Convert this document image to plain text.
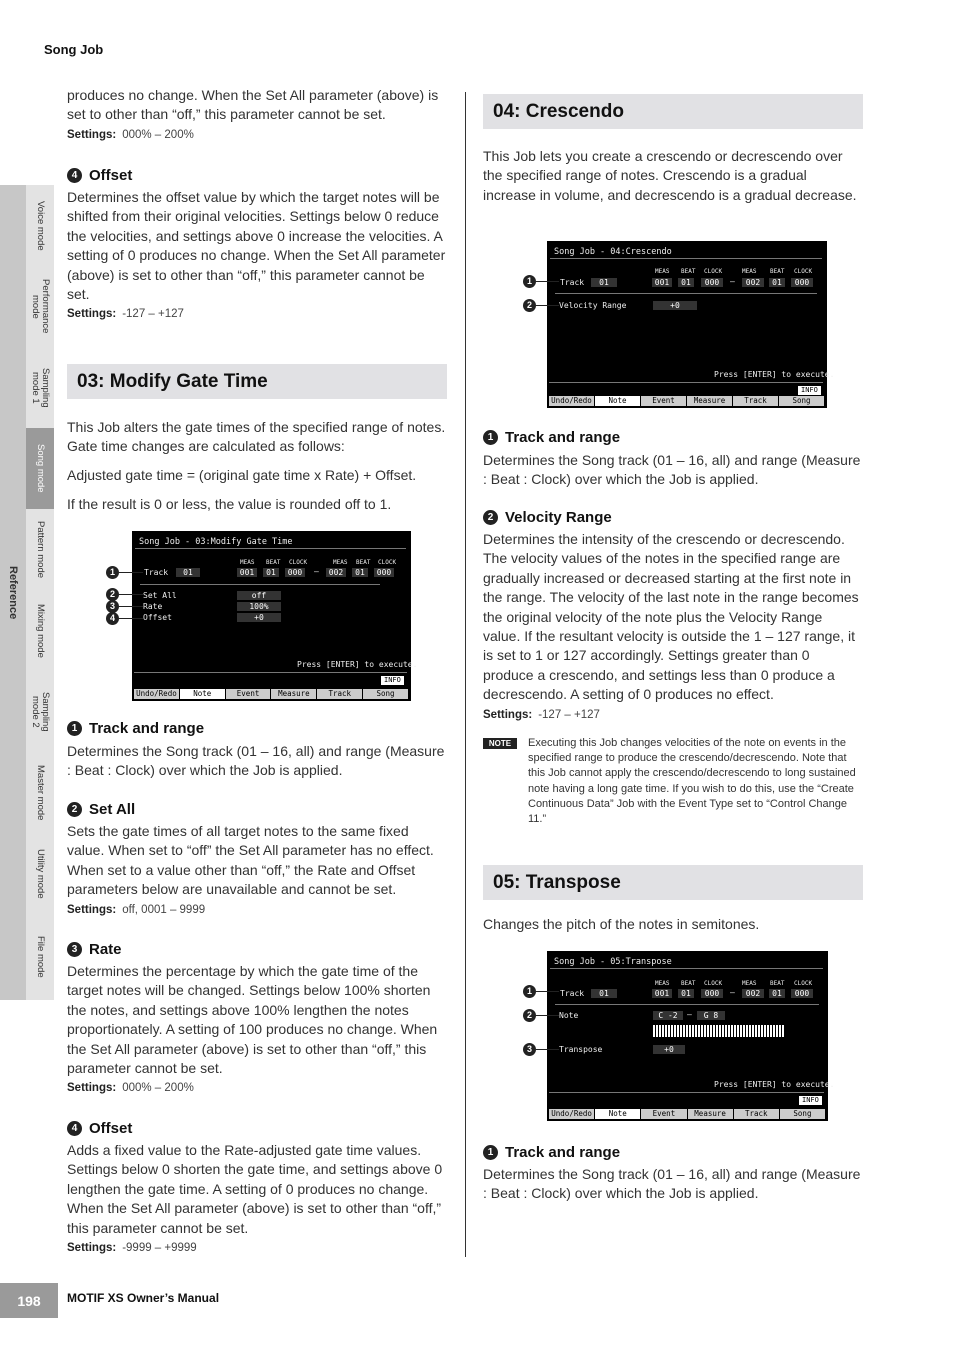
Song Job
Reference
Voice mode
Performance
mode
Sampling
mode 1
Song mode
Pattern mode
Mixing mode
Sampling
mode 2
Master mode
Utility mode
File mode
produces no change. When the Set All parameter (above) is set to other than “off,” this parameter cannot be set.
Settings: 000% – 200%
4 Offset
Determines the offset value by which the target notes will be shifted from their original velocities. Settings below 0 reduce the velocities, and settings above 0 increase the velocities. A setting of 0 produces no change. When the Set All parameter (above) is set to other than “off,” this parameter cannot be set.
Settings: -127 – +127
03: Modify Gate Time
This Job alters the gate times of the specified range of notes. Gate time changes are calculated as follows:
Adjusted gate time = (original gate time x Rate) + Offset.
If the result is 0 or less, the value is rounded off to 1.
Song Job - 03:Modify Gate Time
MEAS BEAT CLOCK	MEAS BEAT CLOCK
Track	01	001	01	000	–	002	01	000
Set All	off
Rate	100%
Offset	+0
Press [ENTER] to execute.
INFO
Undo/Redo	Note	Event	Measure	Track	Song
1
2
3
4
1 Track and range
Determines the Song track (01 – 16, all) and range (Measure : Beat : Clock) over which the Job is applied.
2 Set All
Sets the gate times of all target notes to the same fixed value. When set to “off” the Set All parameter has no effect. When set to a value other than “off,” the Rate and Offset parameters below are unavailable and cannot be set.
Settings: off, 0001 – 9999
3 Rate
Determines the percentage by which the gate time of the target notes will be changed. Settings below 100% shorten the notes, and settings above 100% lengthen the notes proportionately. A setting of 100 produces no change. When the Set All parameter (above) is set to other than “off,” this parameter cannot be set.
Settings: 000% – 200%
4 Offset
Adds a fixed value to the Rate-adjusted gate time values. Settings below 0 shorten the gate time, and settings above 0 lengthen the gate time. A setting of 0 produces no change. When the Set All parameter (above) is set to other than “off,” this parameter cannot be set.
Settings: -9999 – +9999
04: Crescendo
This Job lets you create a crescendo or decrescendo over the specified range of notes. Crescendo is a gradual increase in volume, and decrescendo is a gradual decrease.
Song Job - 04:Crescendo
MEAS BEAT CLOCK	MEAS BEAT CLOCK
Track	01	001	01	000	–	002	01	000
Velocity Range	+0
Press [ENTER] to execute.
INFO
Undo/Redo	Note	Event	Measure	Track	Song
1
2
1 Track and range
Determines the Song track (01 – 16, all) and range (Measure : Beat : Clock) over which the Job is applied.
2 Velocity Range
Determines the intensity of the crescendo or decrescendo. The velocity values of the notes in the specified range are gradually increased or decreased starting at the first note in the range. The velocity of the last note in the range becomes the original velocity of the note plus the Velocity Range value. If the resultant velocity is outside the 1 – 127 range, it is set to 1 or 127 accordingly. Settings greater than 0 produce a crescendo, and settings less than 0 produce a decrescendo. A setting of 0 produces no effect.
Settings: -127 – +127
NOTE	Executing this Job changes velocities of the note on events in the specified range to produce the crescendo/decrescendo. Note that this Job cannot apply the crescendo/decrescendo to long sustained note having a long gate time. If you wish to do this, use the “Create Continuous Data” Job with the Event Type set to “Control Change 11.”
05: Transpose
Changes the pitch of the notes in semitones.
Song Job - 05:Transpose
MEAS BEAT CLOCK	MEAS BEAT CLOCK
Track	01	001	01	000	–	002	01	000
Note	C -2	–	G 8
Transpose	+0
Press [ENTER] to execute.
INFO
Undo/Redo	Note	Event	Measure	Track	Song
1
2
3
1 Track and range
Determines the Song track (01 – 16, all) and range (Measure : Beat : Clock) over which the Job is applied.
198	MOTIF XS Owner’s Manual
